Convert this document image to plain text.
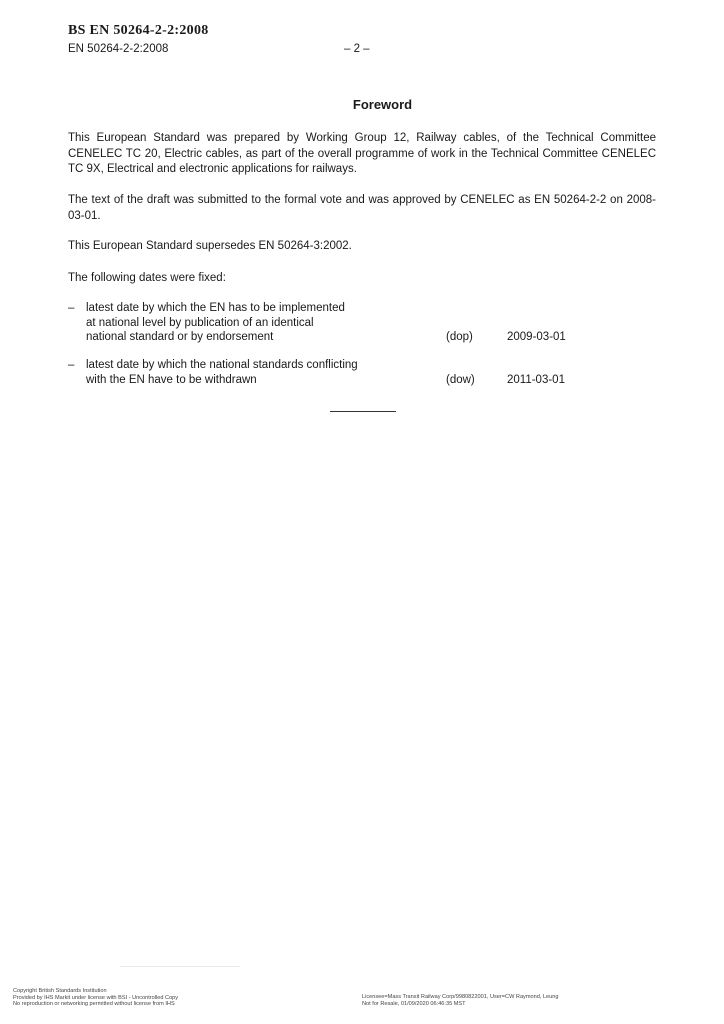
BS EN 50264-2-2:2008
EN 50264-2-2:2008	– 2 –
Foreword
This European Standard was prepared by Working Group 12, Railway cables, of the Technical Committee CENELEC TC 20, Electric cables, as part of the overall programme of work in the Technical Committee CENELEC TC 9X, Electrical and electronic applications for railways.
The text of the draft was submitted to the formal vote and was approved by CENELEC as EN 50264-2-2 on 2008-03-01.
This European Standard supersedes EN 50264-3:2002.
The following dates were fixed:
– latest date by which the EN has to be implemented
at national level by publication of an identical
national standard or by endorsement	(dop)	2009-03-01
– latest date by which the national standards conflicting
with the EN have to be withdrawn	(dow)	2011-03-01
Copyright British Standards Institution
Provided by IHS Markit under license with BSI - Uncontrolled Copy
No reproduction or networking permitted without license from IHS
Licensee=Mass Transit Railway Corp/9980822001, User=CW Raymond, Leung
Not for Resale, 01/09/2020 06:46:35 MST
